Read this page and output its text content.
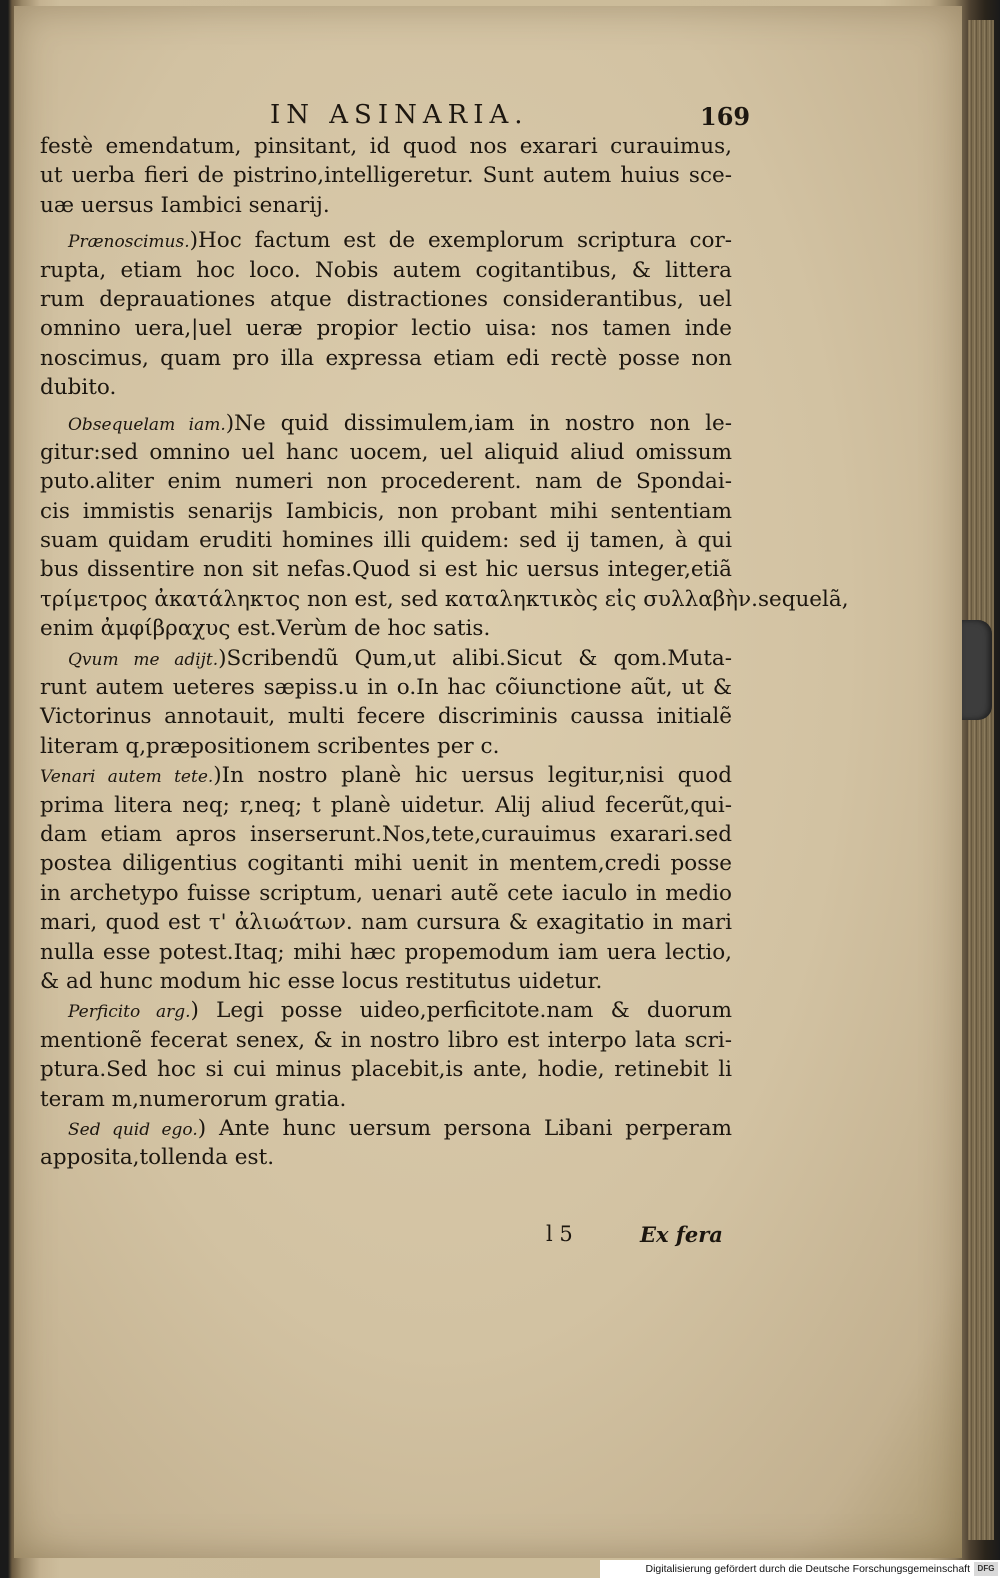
IN ASINARIA.	169
festè emendatum, pinsitant, id quod nos exarari curauimus,
ut uerba fieri de pistrino,intelligeretur. Sunt autem huius sce-
uæ uersus Iambici senarij.
Prænoscimus.)Hoc factum est de exemplorum scriptura cor-
rupta, etiam hoc loco. Nobis autem cogitantibus, & littera
rum deprauationes atque distractiones considerantibus, uel
omnino uera,|uel ueræ propior lectio uisa: nos tamen inde
noscimus, quam pro illa expressa etiam edi rectè posse non
dubito.
Obsequelam iam.)Ne quid dissimulem,iam in nostro non le-
gitur:sed omnino uel hanc uocem, uel aliquid aliud omissum
puto.aliter enim numeri non procederent. nam de Spondai-
cis immistis senarijs Iambicis, non probant mihi sententiam
suam quidam eruditi homines illi quidem: sed ij tamen, à qui
bus dissentire non sit nefas.Quod si est hic uersus integer,etiã
τρίμετρος ἀκατάληκτος non est, sed καταληκτικὸς εἰς συλλαβὴν.sequelã,
enim ἀμφίβραχυς est.Verùm de hoc satis.
Qvum me adijt.)Scribendũ Qum,ut alibi.Sicut & qom.Muta-
runt autem ueteres sæpiss.u in o.In hac cõiunctione aũt, ut &
Victorinus annotauit, multi fecere discriminis caussa initialẽ
literam q,præpositionem scribentes per c.
Venari autem tete.)In nostro planè hic uersus legitur,nisi quod
prima litera neq; r,neq; t planè uidetur. Alij aliud fecerũt,qui-
dam etiam apros inserserunt.Nos,tete,curauimus exarari.sed
postea diligentius cogitanti mihi uenit in mentem,credi posse
in archetypo fuisse scriptum, uenari autẽ cete iaculo in medio
mari, quod est τ' ἀλιωάτων. nam cursura & exagitatio in mari
nulla esse potest.Itaq; mihi hæc propemodum iam uera lectio,
& ad hunc modum hic esse locus restitutus uidetur.
Perficito arg.) Legi posse uideo,perficitote.nam & duorum
mentionẽ fecerat senex, & in nostro libro est interpo lata scri-
ptura.Sed hoc si cui minus placebit,is ante, hodie, retinebit li
teram m,numerorum gratia.
Sed quid ego.) Ante hunc uersum persona Libani perperam
apposita,tollenda est.
l 5	Ex fera
Digitalisierung gefördert durch die Deutsche Forschungsgemeinschaft DFG
